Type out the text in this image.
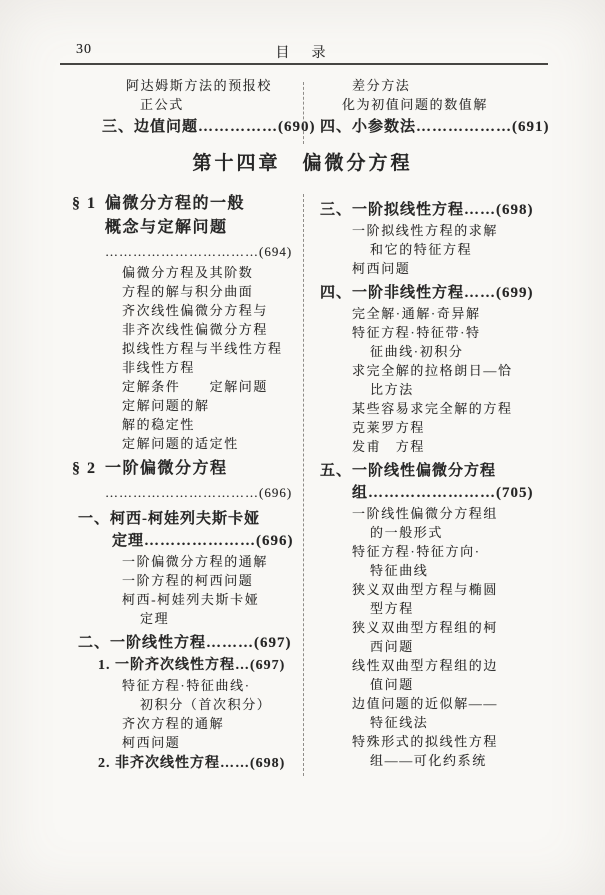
30	目　录
阿达姆斯方法的预报校
正公式
三、边值问题……………(690)
差分方法
化为初值问题的数值解
四、小参数法………………(691)
第十四章　偏微分方程
§ 1 偏微分方程的一般
概念与定解问题
……………………………(694)
偏微分方程及其阶数
方程的解与积分曲面
齐次线性偏微分方程与
非齐次线性偏微分方程
拟线性方程与半线性方程
非线性方程
定解条件　　定解问题
定解问题的解
解的稳定性
定解问题的适定性
§ 2 一阶偏微分方程
……………………………(696)
一、柯西-柯娃列夫斯卡娅
定理…………………(696)
一阶偏微分方程的通解
一阶方程的柯西问题
柯西-柯娃列夫斯卡娅
定理
二、一阶线性方程………(697)
1. 一阶齐次线性方程…(697)
特征方程·特征曲线·
初积分（首次积分）
齐次方程的通解
柯西问题
2. 非齐次线性方程……(698)
三、一阶拟线性方程……(698)
一阶拟线性方程的求解
和它的特征方程
柯西问题
四、一阶非线性方程……(699)
完全解·通解·奇异解
特征方程·特征带·特
征曲线·初积分
求完全解的拉格朗日—恰
比方法
某些容易求完全解的方程
克莱罗方程
发甫　方程
五、一阶线性偏微分方程
组……………………(705)
一阶线性偏微分方程组
的一般形式
特征方程·特征方向·
特征曲线
狭义双曲型方程与椭圆
型方程
狭义双曲型方程组的柯
西问题
线性双曲型方程组的边
值问题
边值问题的近似解——
特征线法
特殊形式的拟线性方程
组——可化约系统
